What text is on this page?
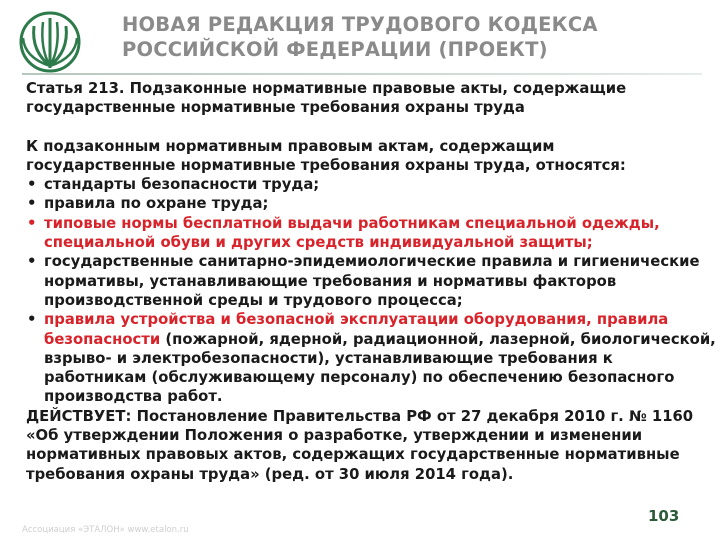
НОВАЯ РЕДАКЦИЯ ТРУДОВОГО КОДЕКСА
РОССИЙСКОЙ ФЕДЕРАЦИИ (ПРОЕКТ)
Статья 213. Подзаконные нормативные правовые акты, содержащие
государственные нормативные требования охраны труда
К подзаконным нормативным правовым актам, содержащим
государственные нормативные требования охраны труда, относятся:
• стандарты безопасности труда;
• правила по охране труда;
• типовые нормы бесплатной выдачи работникам специальной одежды, специальной обуви и других средств индивидуальной защиты;
• государственные санитарно-эпидемиологические правила и гигиенические нормативы, устанавливающие требования и нормативы факторов производственной среды и трудового процесса;
• правила устройства и безопасной эксплуатации оборудования, правила безопасности (пожарной, ядерной, радиационной, лазерной, биологической, взрыво- и электробезопасности), устанавливающие требования к работникам (обслуживающему персоналу) по обеспечению безопасного производства работ.
ДЕЙСТВУЕТ: Постановление Правительства РФ от 27 декабря 2010 г. № 1160 «Об утверждении Положения о разработке, утверждении и изменении нормативных правовых актов, содержащих государственные нормативные требования охраны труда» (ред. от 30 июля 2014 года).
Ассоциация «ЭТАЛОН» www.etalon.ru
103
